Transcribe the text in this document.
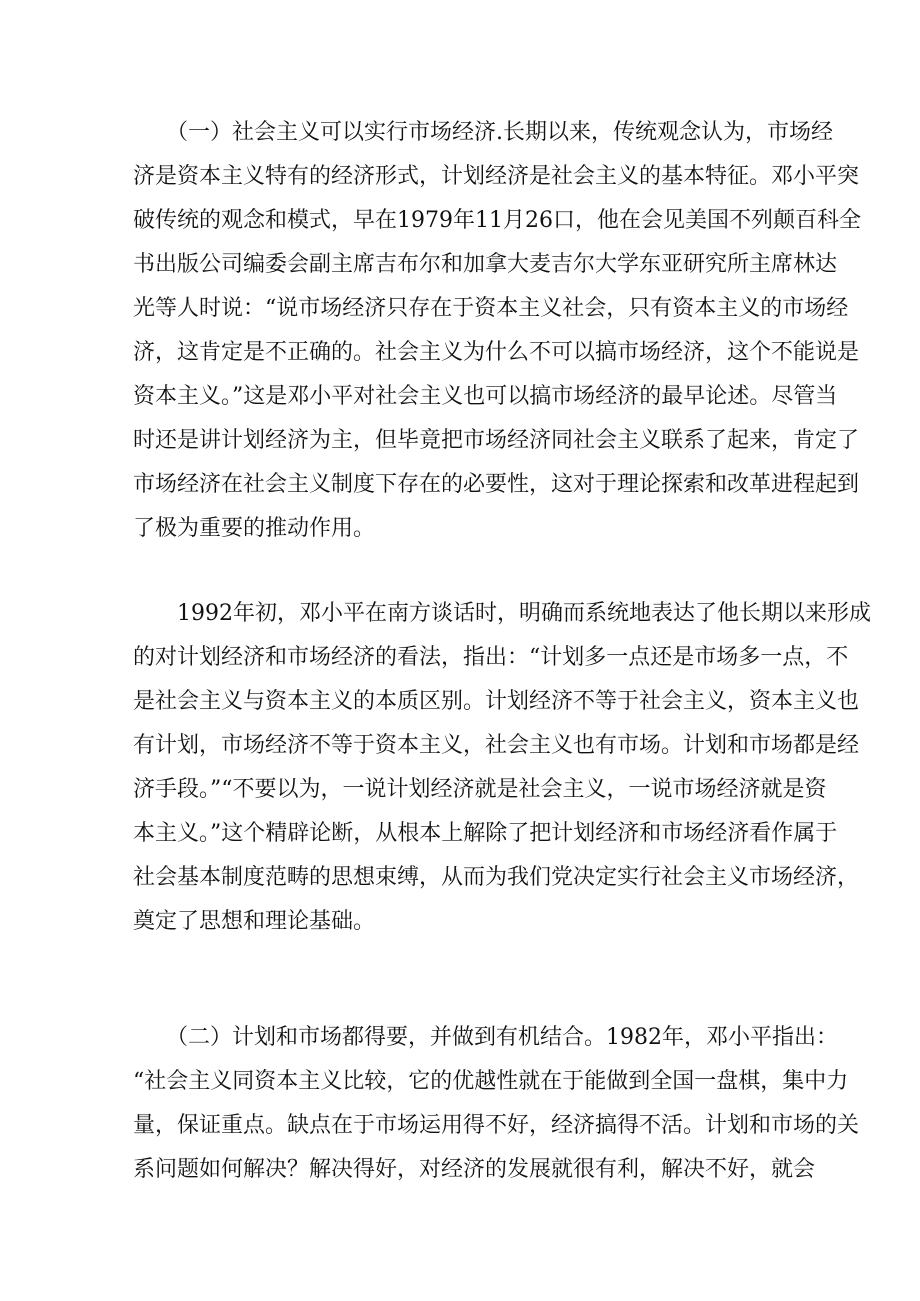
　　（一）社会主义可以实行市场经济.长期以来，传统观念认为，市场经
济是资本主义特有的经济形式，计划经济是社会主义的基本特征。邓小平突
破传统的观念和模式，早在1979年11月26口，他在会见美国不列颠百科全
书出版公司编委会副主席吉布尔和加拿大麦吉尔大学东亚研究所主席林达
光等人时说：“说市场经济只存在于资本主义社会，只有资本主义的市场经
济，这肯定是不正确的。社会主义为什么不可以搞市场经济，这个不能说是
资本主义。”这是邓小平对社会主义也可以搞市场经济的最早论述。尽管当
时还是讲计划经济为主，但毕竟把市场经济同社会主义联系了起来，肯定了
市场经济在社会主义制度下存在的必要性，这对于理论探索和改革进程起到
了极为重要的推动作用。

　　1992年初，邓小平在南方谈话时，明确而系统地表达了他长期以来形成
的对计划经济和市场经济的看法，指出：“计划多一点还是市场多一点，不
是社会主义与资本主义的本质区别。计划经济不等于社会主义，资本主义也
有计划，市场经济不等于资本主义，社会主义也有市场。计划和市场都是经
济手段。”“不要以为，一说计划经济就是社会主义，一说市场经济就是资
本主义。”这个精辟论断，从根本上解除了把计划经济和市场经济看作属于
社会基本制度范畴的思想束缚，从而为我们党决定实行社会主义市场经济，
奠定了思想和理论基础。

　　（二）计划和市场都得要，并做到有机结合。1982年，邓小平指出：
“社会主义同资本主义比较，它的优越性就在于能做到全国一盘棋，集中力
量，保证重点。缺点在于市场运用得不好，经济搞得不活。计划和市场的关
系问题如何解决？解决得好，对经济的发展就很有利，解决不好，就会
